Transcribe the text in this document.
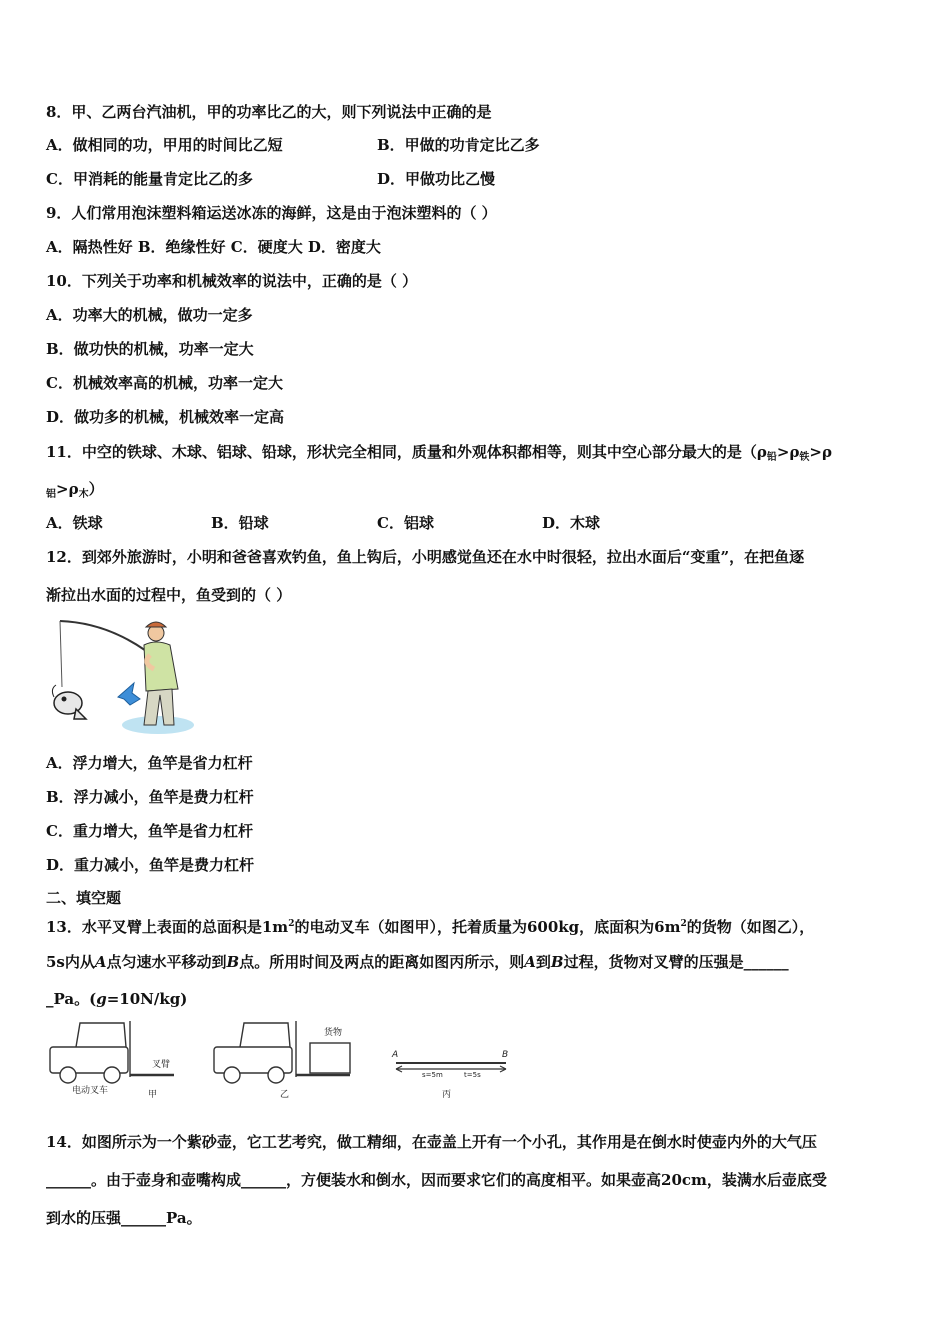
8．甲、乙两台汽油机，甲的功率比乙的大，则下列说法中正确的是
A．做相同的功，甲用的时间比乙短	B．甲做的功肯定比乙多
C．甲消耗的能量肯定比乙的多	D．甲做功比乙慢
9．人们常用泡沫塑料箱运送冰冻的海鲜，这是由于泡沫塑料的（ ）
A．隔热性好 B．绝缘性好 C．硬度大 D．密度大
10．下列关于功率和机械效率的说法中，正确的是（ ）
A．功率大的机械，做功一定多
B．做功快的机械，功率一定大
C．机械效率高的机械，功率一定大
D．做功多的机械，机械效率一定高
11．中空的铁球、木球、铝球、铅球，形状完全相同，质量和外观体积都相等，则其中空心部分最大的是（$\rho_铅>\rho_铁>\rho$
$_铝>\rho_木$）
A．铁球	B．铅球	C．铝球	D．木球
12．到郊外旅游时，小明和爸爸喜欢钓鱼，鱼上钩后，小明感觉鱼还在水中时很轻，拉出水面后“变重”，在把鱼逐
渐拉出水面的过程中，鱼受到的（ ）
A．浮力增大，鱼竿是省力杠杆
B．浮力减小，鱼竿是费力杠杆
C．重力增大，鱼竿是省力杠杆
D．重力减小，鱼竿是费力杠杆
二、填空题
13．水平叉臂上表面的总面积是$1m^2$的电动叉车（如图甲），托着质量为600kg，底面积为$6m^2$的货物（如图乙），
5s内从A点匀速水平移动到B点。所用时间及两点的距离如图丙所示，则A到B过程，货物对叉臂的压强是______
_Pa。(g=10N/kg)
叉臂
电动叉车	甲
货物
乙
A	B
s=5m	t=5s
丙
14．如图所示为一个紫砂壶，它工艺考究，做工精细，在壶盖上开有一个小孔，其作用是在倒水时使壶内外的大气压
______。由于壶身和壶嘴构成______，方便装水和倒水，因而要求它们的高度相平。如果壶高20cm，装满水后壶底受
到水的压强______Pa。
